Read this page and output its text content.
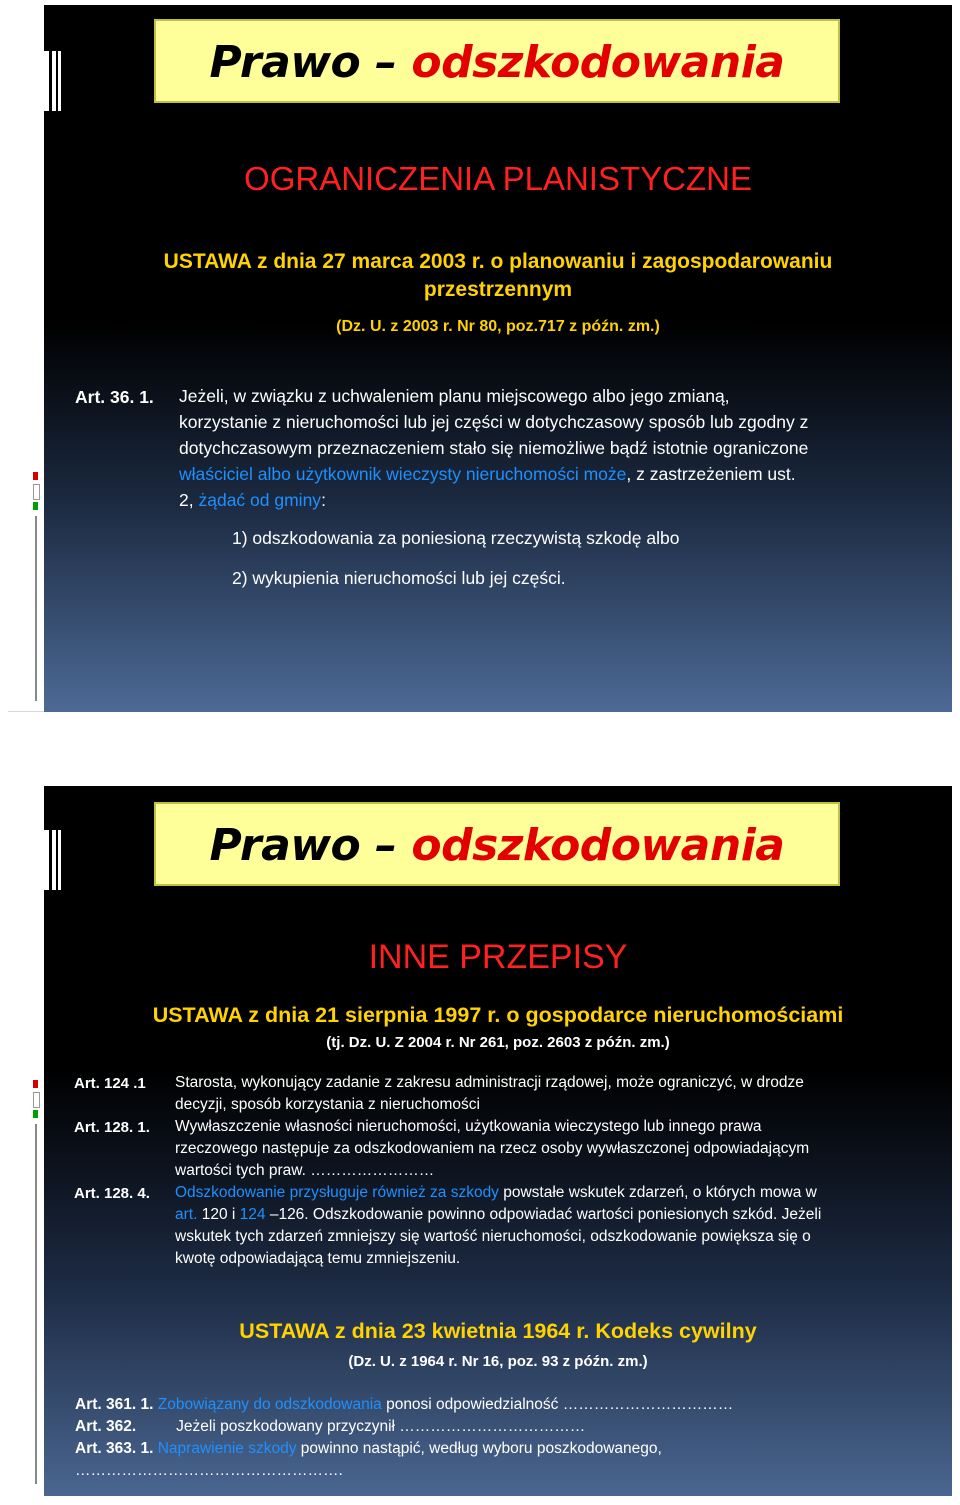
Prawo – odszkodowania
OGRANICZENIA PLANISTYCZNE
USTAWA z dnia 27 marca 2003 r. o planowaniu i zagospodarowaniu
przestrzennym
(Dz. U. z 2003 r. Nr 80, poz.717 z późn. zm.)
Art. 36. 1. Jeżeli, w związku z uchwaleniem planu miejscowego albo jego zmianą,
korzystanie z nieruchomości lub jej części w dotychczasowy sposób lub zgodny z
dotychczasowym przeznaczeniem stało się niemożliwe bądź istotnie ograniczone
właściciel albo użytkownik wieczysty nieruchomości może, z zastrzeżeniem ust.
2, żądać od gminy:
1) odszkodowania za poniesioną rzeczywistą szkodę albo
2) wykupienia nieruchomości lub jej części.
Prawo – odszkodowania
INNE PRZEPISY
USTAWA z dnia 21 sierpnia 1997 r. o gospodarce nieruchomościami
(tj. Dz. U. Z 2004 r. Nr 261, poz. 2603 z późn. zm.)
Art. 124 .1 Starosta, wykonujący zadanie z zakresu administracji rządowej, może ograniczyć, w drodze
decyzji, sposób korzystania z nieruchomości
Art. 128. 1. Wywłaszczenie własności nieruchomości, użytkowania wieczystego lub innego prawa
rzeczowego następuje za odszkodowaniem na rzecz osoby wywłaszczonej odpowiadającym
wartości tych praw. ……………………
Art. 128. 4. Odszkodowanie przysługuje również za szkody powstałe wskutek zdarzeń, o których mowa w
art. 120 i 124 –126. Odszkodowanie powinno odpowiadać wartości poniesionych szkód. Jeżeli
wskutek tych zdarzeń zmniejszy się wartość nieruchomości, odszkodowanie powiększa się o
kwotę odpowiadającą temu zmniejszeniu.
USTAWA z dnia 23 kwietnia 1964 r. Kodeks cywilny
(Dz. U. z 1964 r. Nr 16, poz. 93 z późn. zm.)
Art. 361. 1. Zobowiązany do odszkodowania ponosi odpowiedzialność ……………………………
Art. 362.	Jeżeli poszkodowany przyczynił ………………………………
Art. 363. 1. Naprawienie szkody powinno nastąpić, według wyboru poszkodowanego,
…………………………………………….
